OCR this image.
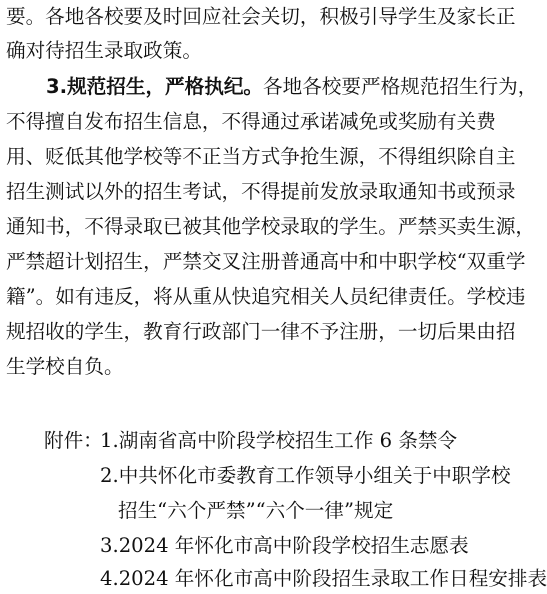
要。各地各校要及时回应社会关切，积极引导学生及家长正
确对待招生录取政策。
3.规范招生，严格执纪。各地各校要严格规范招生行为，
不得擅自发布招生信息，不得通过承诺减免或奖励有关费
用、贬低其他学校等不正当方式争抢生源，不得组织除自主
招生测试以外的招生考试，不得提前发放录取通知书或预录
通知书，不得录取已被其他学校录取的学生。严禁买卖生源，
严禁超计划招生，严禁交叉注册普通高中和中职学校“双重学
籍”。如有违反，将从重从快追究相关人员纪律责任。学校违
规招收的学生，教育行政部门一律不予注册，一切后果由招
生学校自负。
附件：
1.湖南省高中阶段学校招生工作 6 条禁令
2.中共怀化市委教育工作领导小组关于中职学校
招生“六个严禁”“六个一律”规定
3.2024 年怀化市高中阶段学校招生志愿表
4.2024 年怀化市高中阶段招生录取工作日程安排表
